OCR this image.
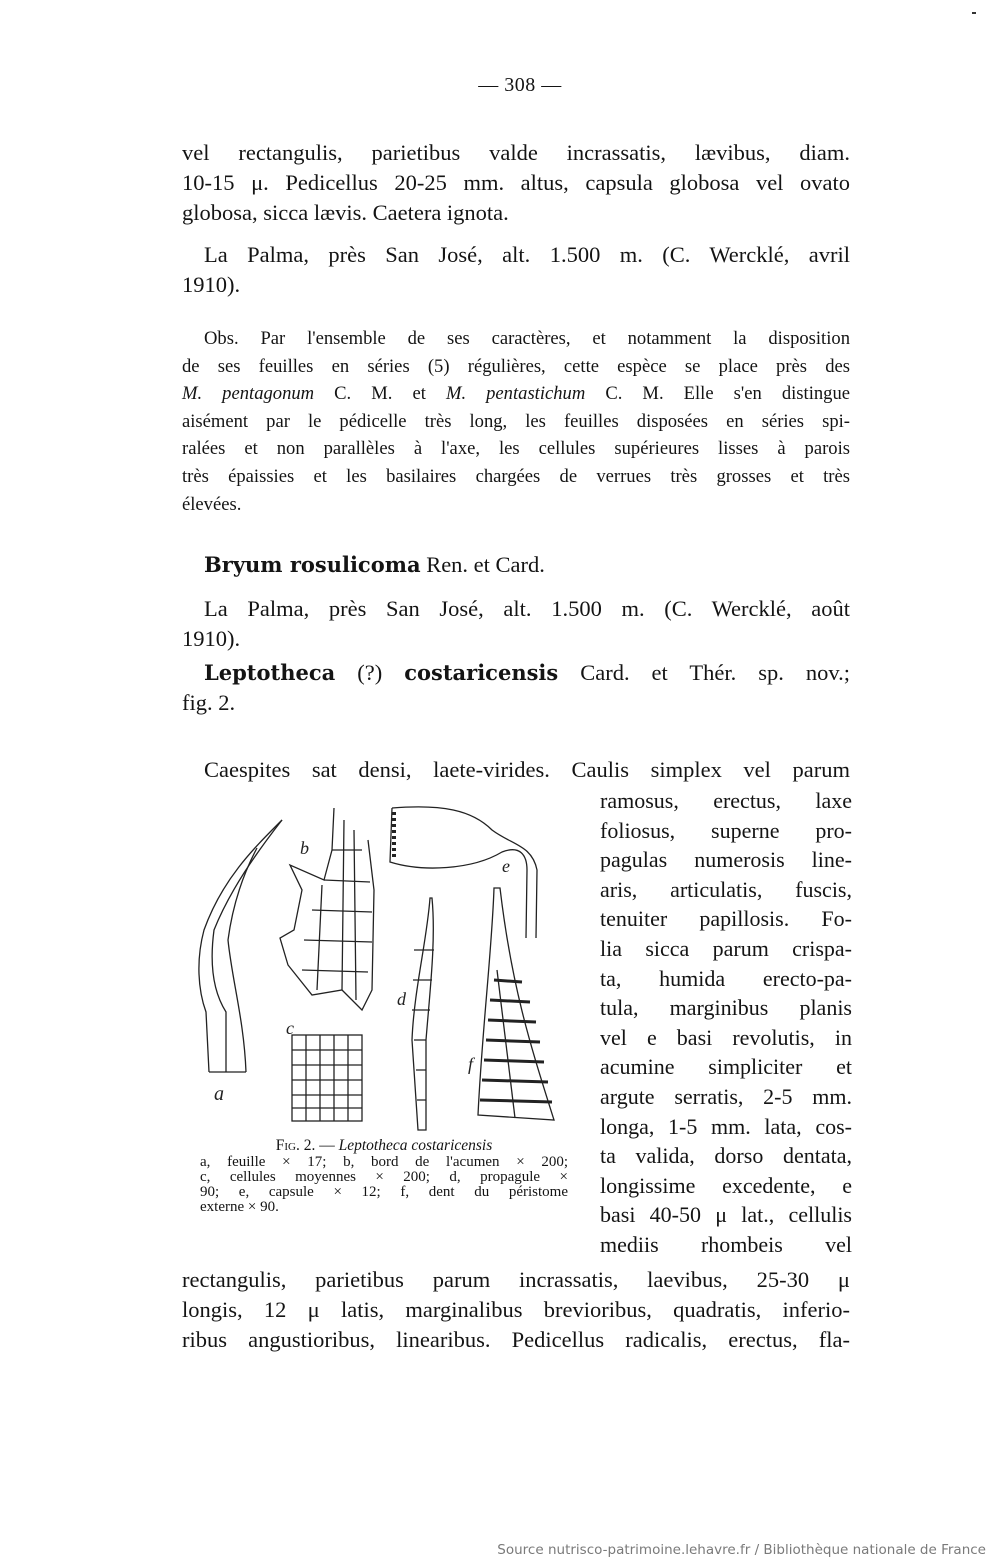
— 308 —
vel rectangulis, parietibus valde incrassatis, lævibus, diam.
10-15 μ. Pedicellus 20-25 mm. altus, capsula globosa vel ovato
globosa, sicca lævis. Caetera ignota.
La Palma, près San José, alt. 1.500 m. (C. Wercklé, avril
1910).
Obs. Par l'ensemble de ses caractères, et notamment la disposition
de ses feuilles en séries (5) régulières, cette espèce se place près des
M. pentagonum C. M. et M. pentastichum C. M. Elle s'en distingue
aisément par le pédicelle très long, les feuilles disposées en séries spi-
ralées et non parallèles à l'axe, les cellules supérieures lisses à parois
très épaissies et les basilaires chargées de verrues très grosses et très
élevées.
Bryum rosulicoma Ren. et Card.
La Palma, près San José, alt. 1.500 m. (C. Wercklé, août
1910).
Leptotheca (?) costaricensis Card. et Thér. sp. nov.;
fig. 2.
Caespites sat densi, laete-virides. Caulis simplex vel parum
ramosus, erectus, laxe
foliosus, superne pro-
pagulas numerosis line-
aris, articulatis, fuscis,
tenuiter papillosis. Fo-
lia sicca parum crispa-
ta, humida erecto-pa-
tula, marginibus planis
vel e basi revolutis, in
acumine simpliciter et
argute serratis, 2-5 mm.
longa, 1-5 mm. lata, cos-
ta valida, dorso dentata,
longissime excedente, e
basi 40-50 μ lat., cellulis
mediis rhombeis vel
a
b
c
e
d
f
Fig. 2. — Leptotheca costaricensis
a, feuille × 17; b, bord de l'acumen × 200;
c, cellules moyennes × 200; d, propagule ×
90; e, capsule × 12; f, dent du péristome
externe × 90.
rectangulis, parietibus parum incrassatis, laevibus, 25-30 μ
longis, 12 μ latis, marginalibus brevioribus, quadratis, inferio-
ribus angustioribus, linearibus. Pedicellus radicalis, erectus, fla-
Source nutrisco-patrimoine.lehavre.fr / Bibliothèque nationale de France
